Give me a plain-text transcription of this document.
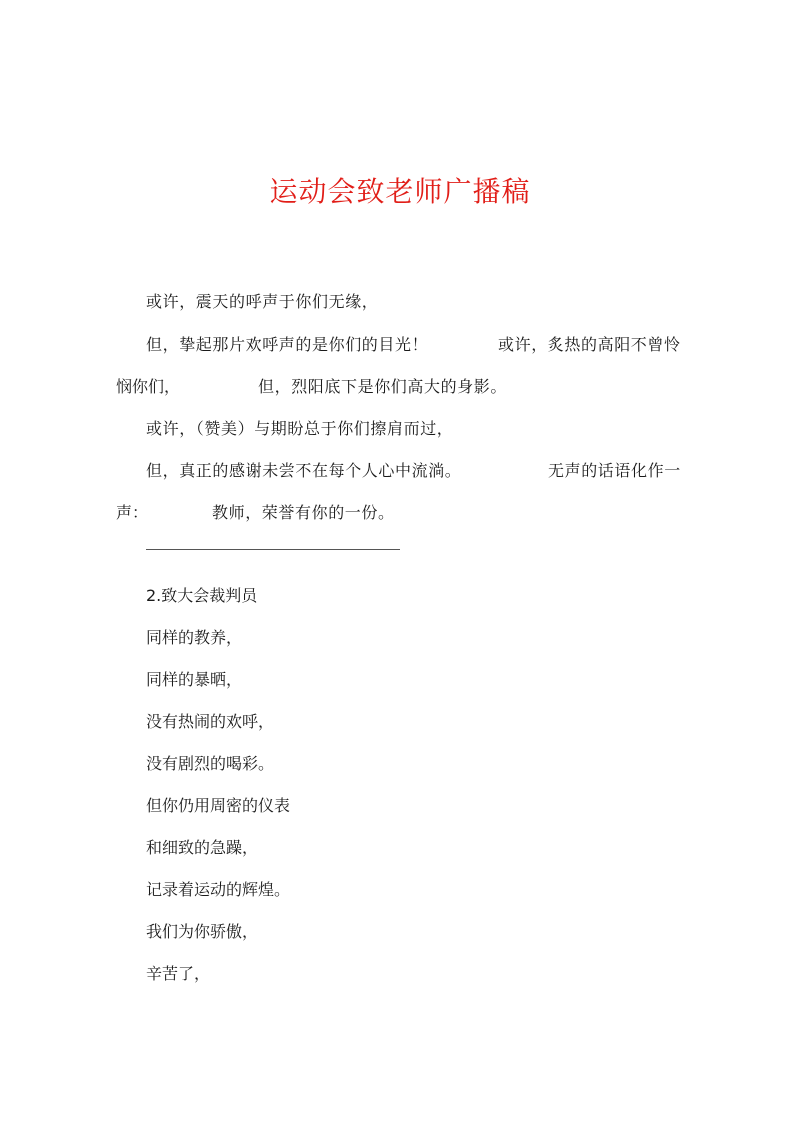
运动会致老师广播稿
或许，震天的呼声于你们无缘，
但，挚起那片欢呼声的是你们的目光！	或许，炙热的高阳不曾怜
悯你们，	但，烈阳底下是你们高大的身影。
或许，（赞美）与期盼总于你们擦肩而过，
但，真正的感谢未尝不在每个人心中流淌。	无声的话语化作一
声：	教师，荣誉有你的一份。
2.致大会裁判员
同样的教养，
同样的暴晒，
没有热闹的欢呼，
没有剧烈的喝彩。
但你仍用周密的仪表
和细致的急躁，
记录着运动的辉煌。
我们为你骄傲，
辛苦了，
